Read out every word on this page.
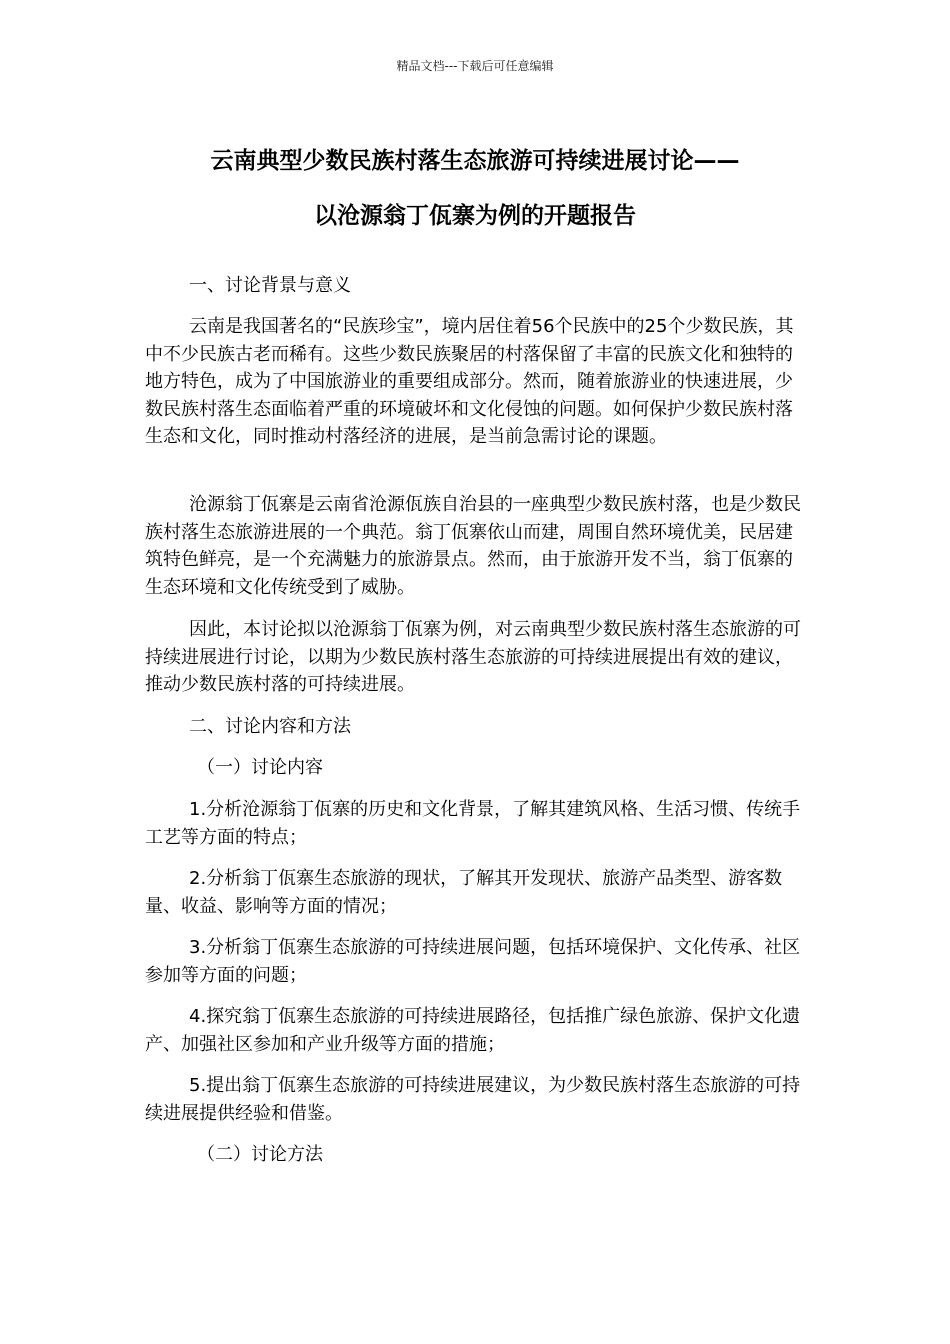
精品文档---下载后可任意编辑
云南典型少数民族村落生态旅游可持续进展讨论——
以沧源翁丁佤寨为例的开题报告

一、讨论背景与意义

云南是我国著名的“民族珍宝”，境内居住着56个民族中的25个少数民族，其中不少民族古老而稀有。这些少数民族聚居的村落保留了丰富的民族文化和独特的地方特色，成为了中国旅游业的重要组成部分。然而，随着旅游业的快速进展，少数民族村落生态面临着严重的环境破坏和文化侵蚀的问题。如何保护少数民族村落生态和文化，同时推动村落经济的进展，是当前急需讨论的课题。

沧源翁丁佤寨是云南省沧源佤族自治县的一座典型少数民族村落，也是少数民族村落生态旅游进展的一个典范。翁丁佤寨依山而建，周围自然环境优美，民居建筑特色鲜亮，是一个充满魅力的旅游景点。然而，由于旅游开发不当，翁丁佤寨的生态环境和文化传统受到了威胁。

因此，本讨论拟以沧源翁丁佤寨为例，对云南典型少数民族村落生态旅游的可持续进展进行讨论，以期为少数民族村落生态旅游的可持续进展提出有效的建议，推动少数民族村落的可持续进展。

二、讨论内容和方法

（一）讨论内容

1.分析沧源翁丁佤寨的历史和文化背景，了解其建筑风格、生活习惯、传统手工艺等方面的特点；

2.分析翁丁佤寨生态旅游的现状，了解其开发现状、旅游产品类型、游客数量、收益、影响等方面的情况；

3.分析翁丁佤寨生态旅游的可持续进展问题，包括环境保护、文化传承、社区参加等方面的问题；

4.探究翁丁佤寨生态旅游的可持续进展路径，包括推广绿色旅游、保护文化遗产、加强社区参加和产业升级等方面的措施；

5.提出翁丁佤寨生态旅游的可持续进展建议，为少数民族村落生态旅游的可持续进展提供经验和借鉴。

（二）讨论方法
